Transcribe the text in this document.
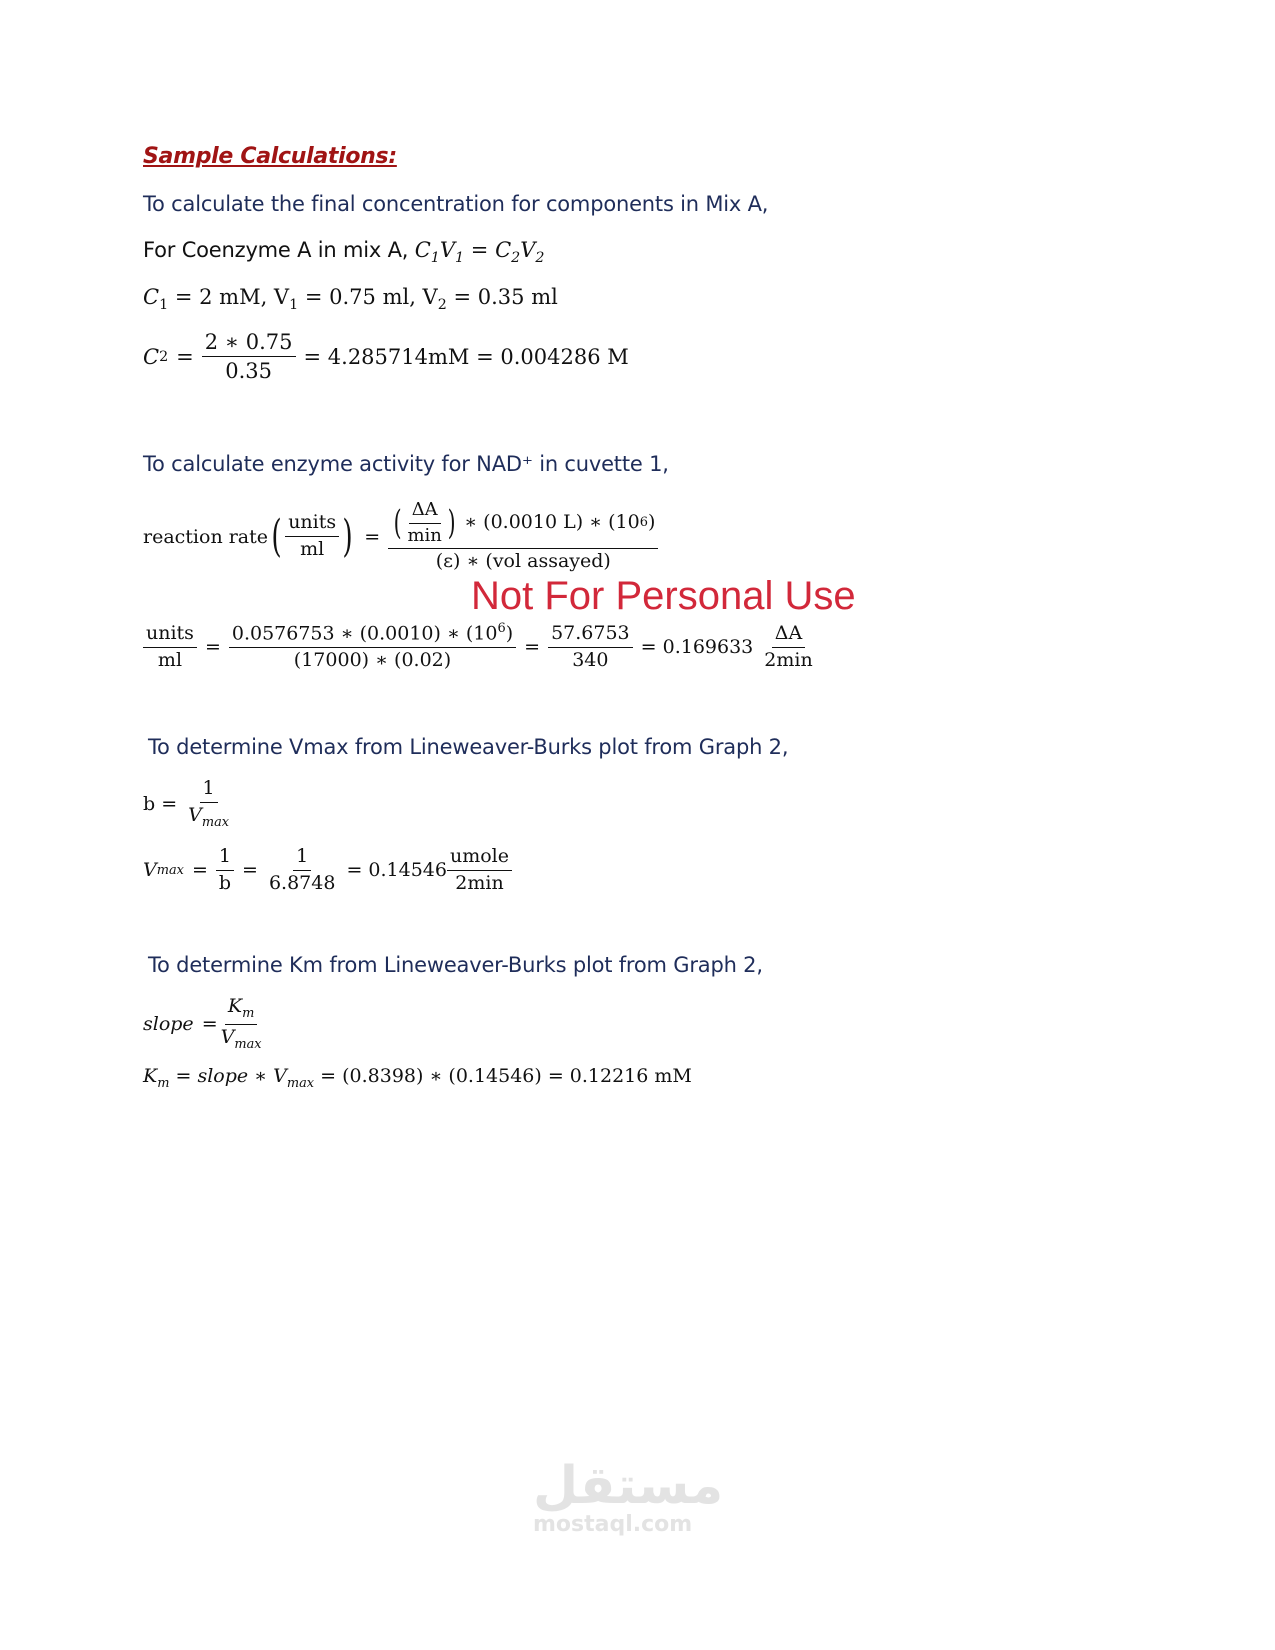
Sample Calculations:
To calculate the final concentration for components in Mix A,
For Coenzyme A in mix A, $C_1V_1 = C_2V_2$
$C_1 = 2$ mM, $V_1 = 0.75$ ml, $V_2 = 0.35$ ml
C $2 = \frac{2 ∗ 0.75}{0.35} = 4.285714mM = 0.004286$ M
To calculate enzyme activity for NAD⁺ in cuvette 1,
reaction rate ( $\frac{\text{units}}{ml}$ ) = ( $\frac{\Delta A}{\min}$ )
∗ (0.0010 L) ∗ (10 6 )
(ε) ∗ (vol assayed)
Not For Personal Use
$\frac{\text{units}}{ml} = \frac{0.0576753 ∗ (0.0010) ∗ (10^6)}{(17000) ∗ (0.02)} = \frac{57.6753}{340} = 0.169633 \frac{\Delta A}{2\min}$
To determine Vmax from Lineweaver-Burks plot from Graph 2,
$b = \frac{1}{V_{max}}$
V $\max = \frac{1}{b} = \frac{1}{6.8748} = 0.14546 \frac{\text{umole}}{2\min}$
To determine Km from Lineweaver-Burks plot from Graph 2,
slope = $\frac{K_m}{V_{max}}$
$K_m$ = slope ∗ $V_{max} = (0.8398)$ ∗ (0.14546) = 0.12216 mM
مستقل
mostaql.com
